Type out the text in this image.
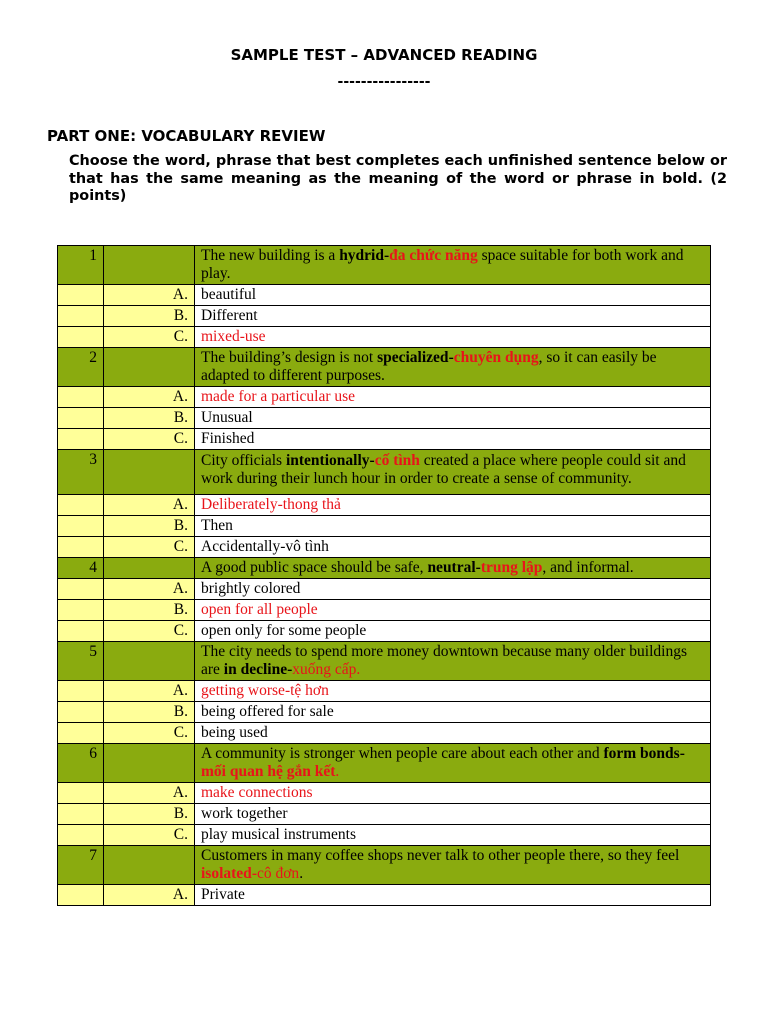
SAMPLE TEST – ADVANCED READING
----------------
PART ONE: VOCABULARY REVIEW
Choose the word, phrase that best completes each unfinished sentence below or that has the same meaning as the meaning of the word or phrase in bold. (2 points)
1		The new building is a hydrid-đa chức năng space suitable for both work and play.
	A.	beautiful
	B.	Different
	C.	mixed-use
2		The building’s design is not specialized-chuyên dụng, so it can easily be adapted to different purposes.
	A.	made for a particular use
	B.	Unusual
	C.	Finished
3		City officials intentionally-cố tình created a place where people could sit and work during their lunch hour in order to create a sense of community.
	A.	Deliberately-thong thả
	B.	Then
	C.	Accidentally-vô tình
4		A good public space should be safe, neutral-trung lập, and informal.
	A.	brightly colored
	B.	open for all people
	C.	open only for some people
5		The city needs to spend more money downtown because many older buildings are in decline-xuống cấp.
	A.	getting worse-tệ hơn
	B.	being offered for sale
	C.	being used
6		A community is stronger when people care about each other and form bonds-mối quan hệ gắn kết.
	A.	make connections
	B.	work together
	C.	play musical instruments
7		Customers in many coffee shops never talk to other people there, so they feel isolated-cô đơn.
	A.	Private
